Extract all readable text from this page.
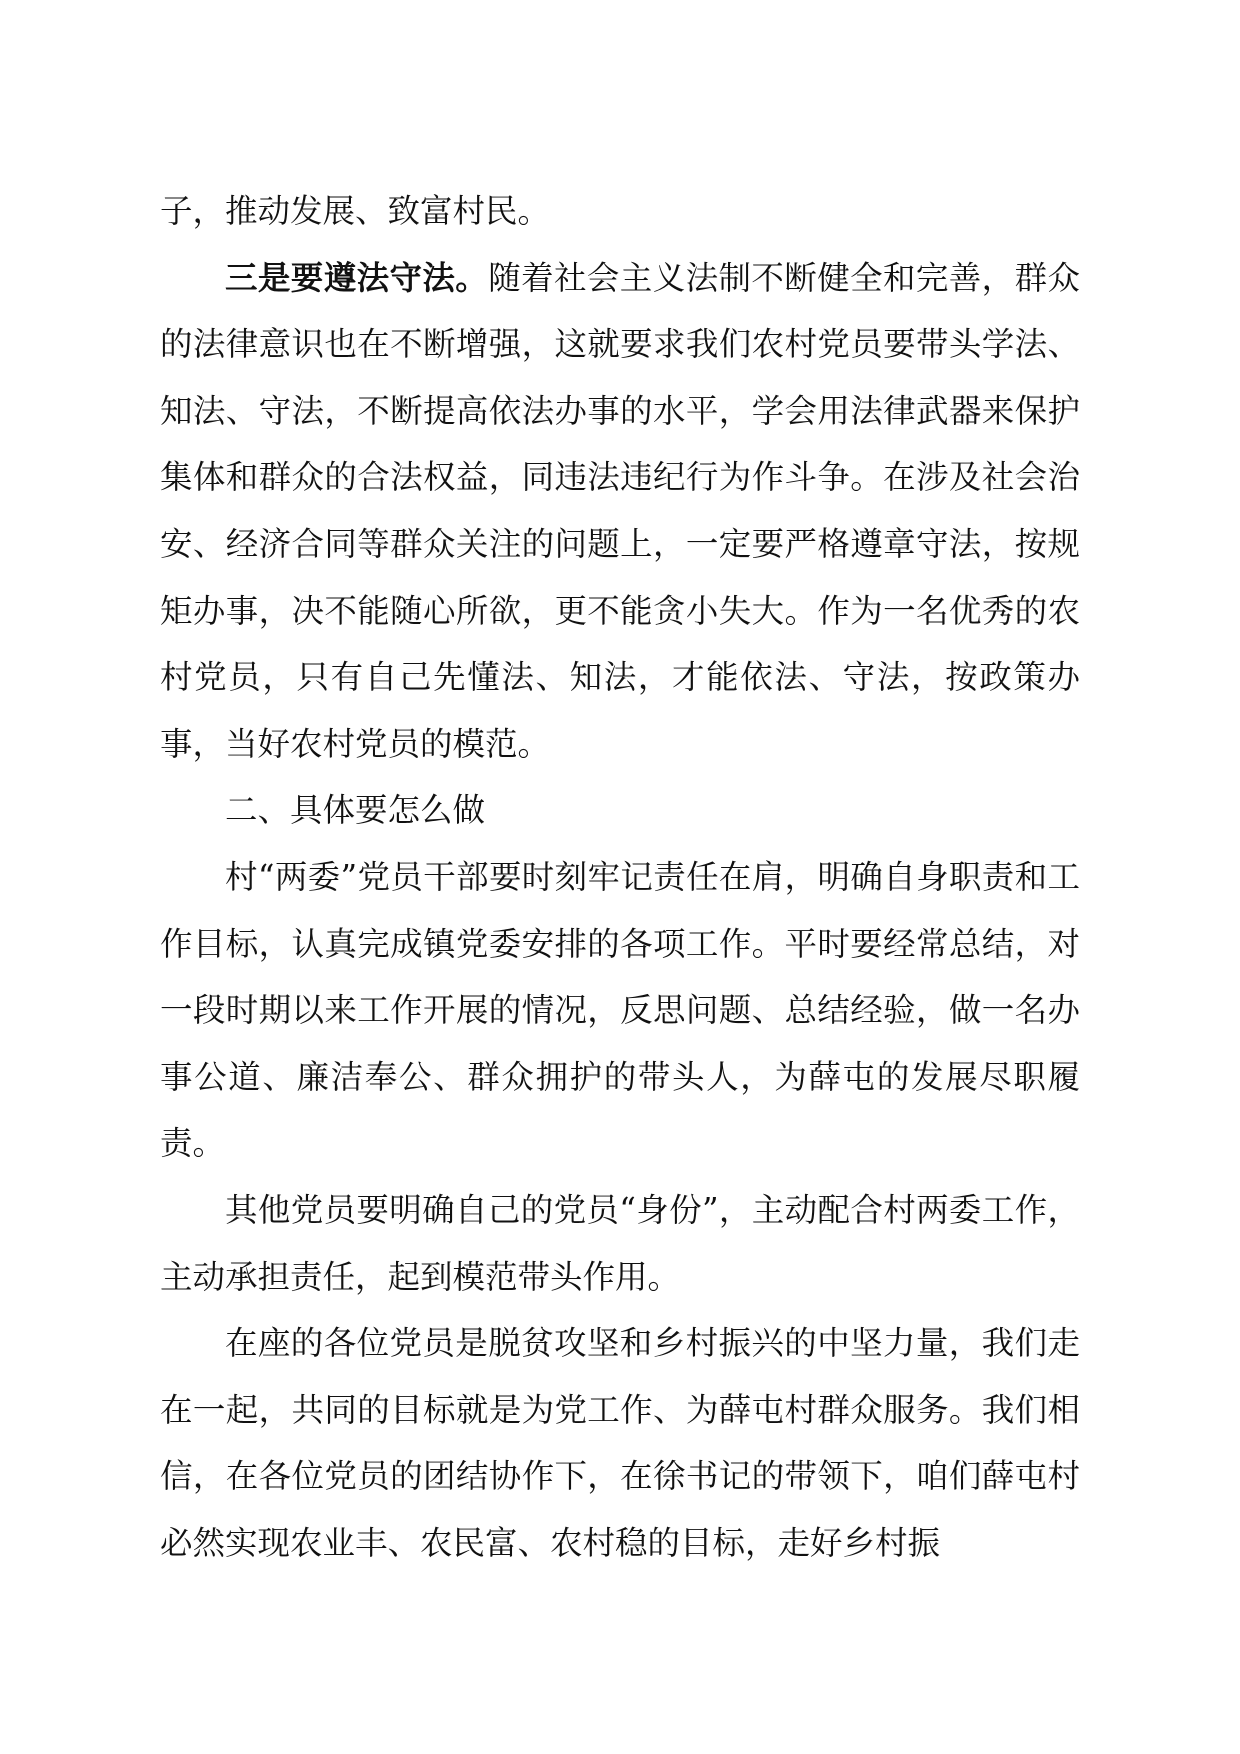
子，推动发展、致富村民。

三是要遵法守法。随着社会主义法制不断健全和完善，群众的法律意识也在不断增强，这就要求我们农村党员要带头学法、知法、守法，不断提高依法办事的水平，学会用法律武器来保护集体和群众的合法权益，同违法违纪行为作斗争。在涉及社会治安、经济合同等群众关注的问题上，一定要严格遵章守法，按规矩办事，决不能随心所欲，更不能贪小失大。作为一名优秀的农村党员，只有自己先懂法、知法，才能依法、守法，按政策办事，当好农村党员的模范。

二、具体要怎么做

村“两委”党员干部要时刻牢记责任在肩，明确自身职责和工作目标，认真完成镇党委安排的各项工作。平时要经常总结，对一段时期以来工作开展的情况，反思问题、总结经验，做一名办事公道、廉洁奉公、群众拥护的带头人，为薛屯的发展尽职履责。

其他党员要明确自己的党员“身份”，主动配合村两委工作，主动承担责任，起到模范带头作用。

在座的各位党员是脱贫攻坚和乡村振兴的中坚力量，我们走在一起，共同的目标就是为党工作、为薛屯村群众服务。我们相信，在各位党员的团结协作下，在徐书记的带领下，咱们薛屯村必然实现农业丰、农民富、农村稳的目标，走好乡村振
